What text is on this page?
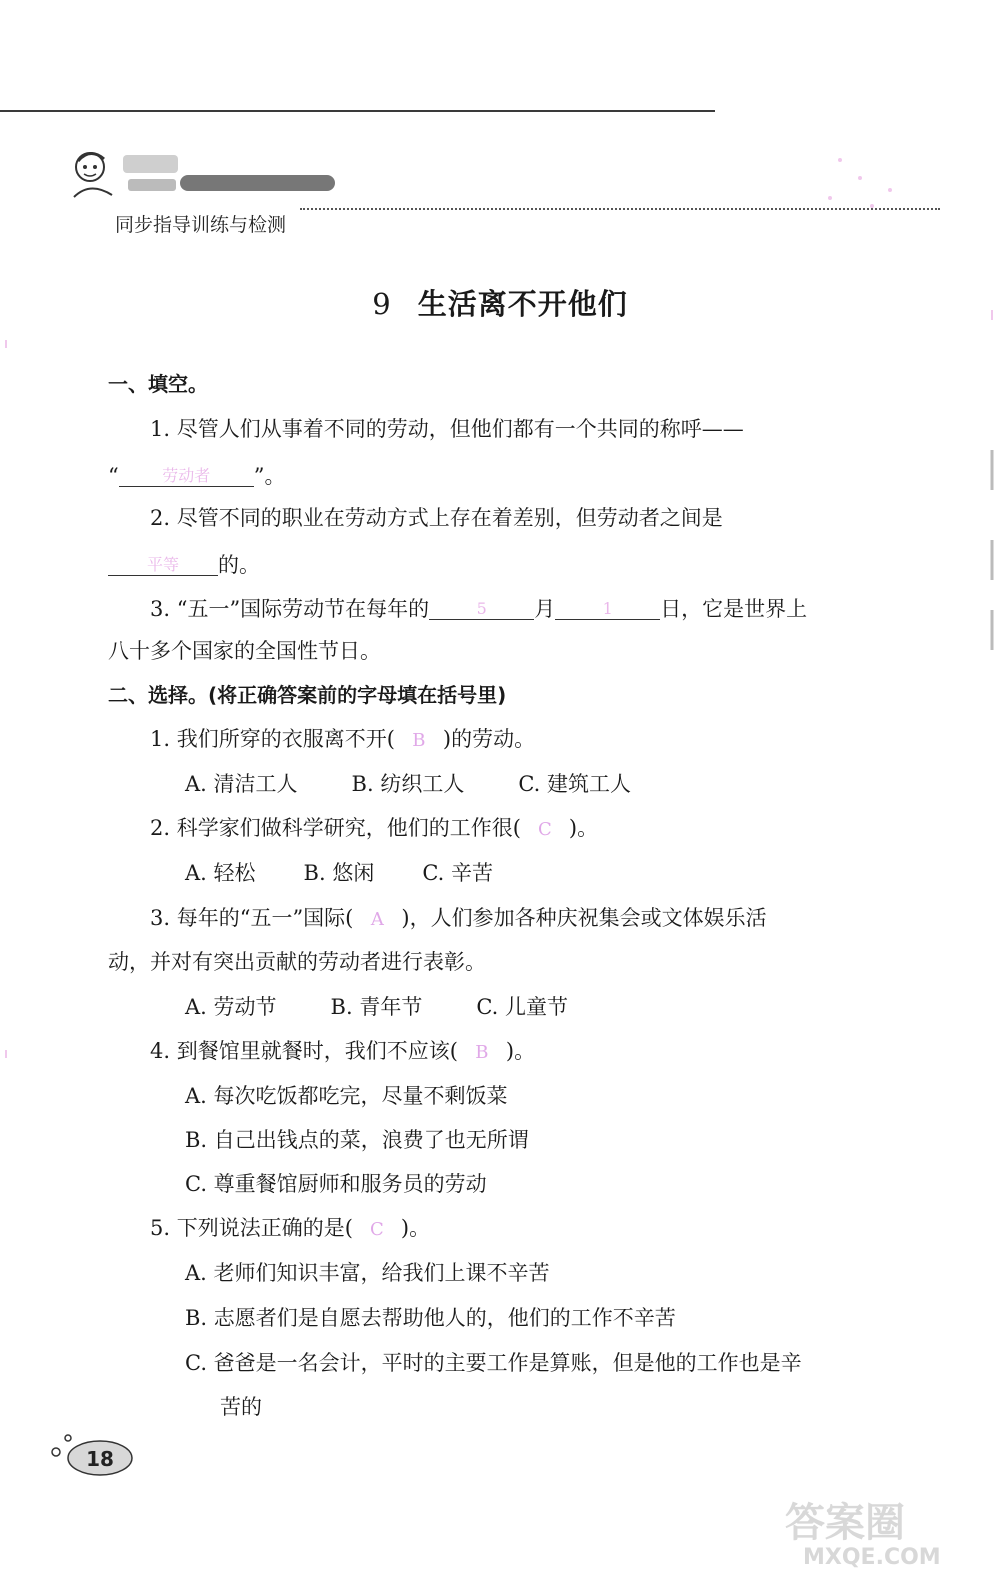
同步指导训练与检测
9 生活离不开他们
一、填空。
1. 尽管人们从事着不同的劳动，但他们都有一个共同的称呼——
“	劳动者	”。
2. 尽管不同的职业在劳动方式上存在着差别，但劳动者之间是
平等	的。
3. “五一”国际劳动节在每年的	5	月	1	日，它是世界上
八十多个国家的全国性节日。
二、选择。(将正确答案前的字母填在括号里)
1. 我们所穿的衣服离不开( B )的劳动。
A. 清洁工人	B. 纺织工人	C. 建筑工人
2. 科学家们做科学研究，他们的工作很( C )。
A. 轻松 B. 悠闲 C. 辛苦
3. 每年的“五一”国际( A )，人们参加各种庆祝集会或文体娱乐活
动，并对有突出贡献的劳动者进行表彰。
A. 劳动节	B. 青年节	C. 儿童节
4. 到餐馆里就餐时，我们不应该( B )。
A. 每次吃饭都吃完，尽量不剩饭菜
B. 自己出钱点的菜，浪费了也无所谓
C. 尊重餐馆厨师和服务员的劳动
5. 下列说法正确的是( C )。
A. 老师们知识丰富，给我们上课不辛苦
B. 志愿者们是自愿去帮助他人的，他们的工作不辛苦
C. 爸爸是一名会计，平时的主要工作是算账，但是他的工作也是辛
苦的
18
答案圈
MXQE.COM
